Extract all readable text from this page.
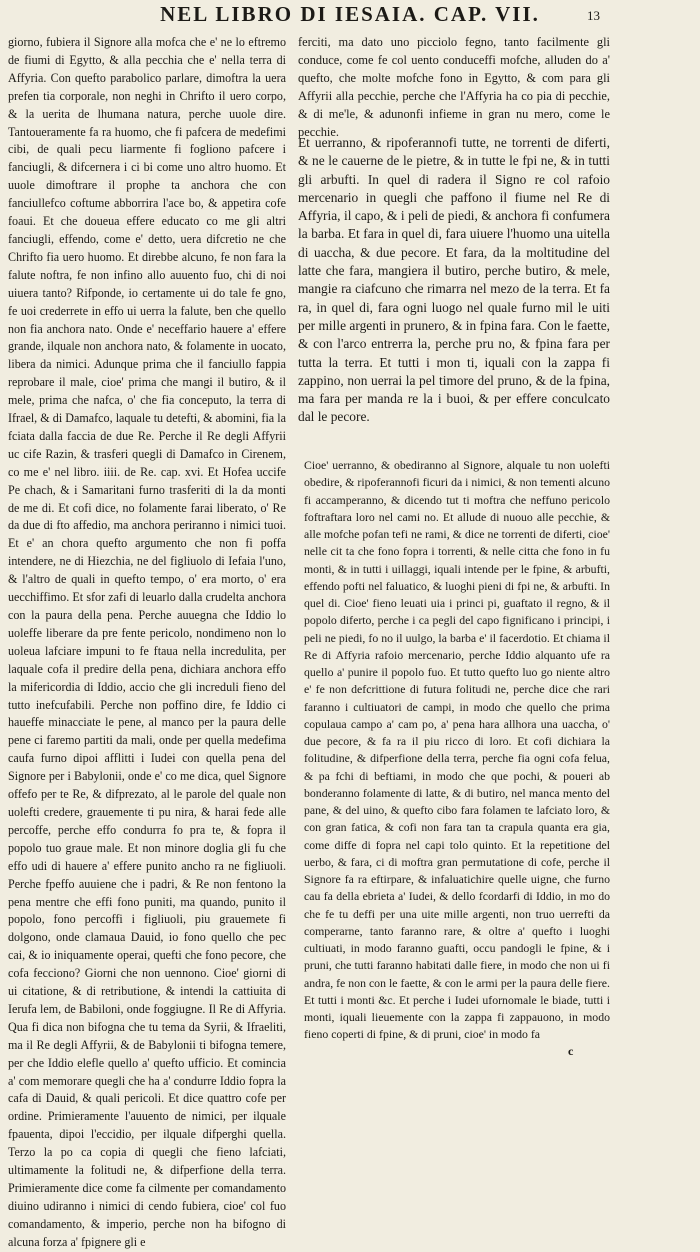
NEL LIBRO DI IESAIA. CAP. VII.	13

giorno, fubiera il Signore alla mofca che e' ne lo eftremo de fiumi di Egytto, & alla pecchia che e' nella terra di Affyria. Con quefto parabolico parlare, dimoftra la uera prefen tia corporale, non neghi in Chrifto il uero corpo, & la uerita de lhumana natura, perche uuole dire. Tantoueramente fa ra huomo, che fi pafcera de medefimi cibi, de quali pecu liarmente fi fogliono pafcere i fanciugli, & difcernera i ci bi come uno altro huomo. Et uuole dimoftrare il prophe ta anchora che con fanciullefco coftume abborrira l'ace bo, & appetira cofe foaui. Et che doueua effere educato co me gli altri fanciugli, effendo, come e' detto, uera difcretio ne che Chrifto fia uero huomo. Et direbbe alcuno, fe non fara la falute noftra, fe non infino allo auuento fuo, chi di noi uiuera tanto? Rifponde, io certamente ui do tale fe gno, fe uoi crederrete in effo ui uerra la falute, ben che quello non fia anchora nato. Onde e' neceffario hauere a' effere grande, ilquale non anchora nato, & folamente in uocato, libera da nimici. Adunque prima che il fanciullo fappia reprobare il male, cioe' prima che mangi il butiro, & il mele, prima che nafca, o' che fia conceputo, la terra di Ifrael, & di Damafco, laquale tu detefti, & abomini, fia la fciata dalla faccia de due Re. Perche il Re degli Affyrii uc cife Razin, & trasferi quegli di Damafco in Cirenem, co me e' nel libro. iiii. de Re. cap. xvi. Et Hofea uccife Pe chach, & i Samaritani furno trasferiti di la da monti de me di. Et cofi dice, no folamente farai liberato, o' Re da due di fto affedio, ma anchora periranno i nimici tuoi. Et e' an chora quefto argumento che non fi poffa intendere, ne di Hiezchia, ne del figliuolo di Iefaia l'uno, & l'altro de quali in quefto tempo, o' era morto, o' era uecchiffimo. Et sfor zafi di leuarlo dalla crudelta anchora con la paura della pena. Perche auuegna che Iddio lo uoleffe liberare da pre fente pericolo, nondimeno non lo uoleua lafciare impuni to fe ftaua nella incredulita, per laquale cofa il predire della pena, dichiara anchora effo la mifericordia di Iddio, accio che gli increduli fieno del tutto inefcufabili. Perche non poffino dire, fe Iddio ci haueffe minacciate le pene, al manco per la paura delle pene ci faremo partiti da mali, onde per quella medefima caufa furno dipoi afflitti i Iudei con quella pena del Signore per i Babylonii, onde e' co me dica, quel Signore offefo per te Re, & difprezato, al le parole del quale non uolefti credere, grauemente ti pu nira, & harai fede alle percoffe, perche effo condurra fo pra te, & fopra il popolo tuo graue male. Et non minore doglia gli fu che effo udi di hauere a' effere punito ancho ra ne figliuoli. Perche fpeffo auuiene che i padri, & Re non fentono la pena mentre che effi fono puniti, ma quando, punito il popolo, fono percoffi i figliuoli, piu grauemete fi dolgono, onde clamaua Dauid, io fono quello che pec cai, & io iniquamente operai, quefti che fono pecore, che cofa fecciono? Giorni che non uennono. Cioe' giorni di ui citatione, & di retributione, & intendi la cattiuita di Ierufa lem, de Babiloni, onde foggiugne. Il Re di Affyria. Qua fi dica non bifogna che tu tema da Syrii, & Ifraeliti, ma il Re degli Affyrii, & de Babylonii ti bifogna temere, per che Iddio elefle quello a' quefto ufficio. Et comincia a' com memorare quegli che ha a' condurre Iddio fopra la cafa di Dauid, & quali pericoli. Et dice quattro cofe per ordine. Primieramente l'auuento de nimici, per ilquale fpauenta, dipoi l'eccidio, per ilquale difperghi quella. Terzo la po ca copia di quegli che fieno lafciati, ultimamente la folitudi ne, & difperfione della terra. Primieramente dice come fa cilmente per comandamento diuino udiranno i nimici di cendo fubiera, cioe' col fuo comandamento, & imperio, perche non ha bifogno di alcuna forza a' fpignere gli e

ferciti, ma dato uno picciolo fegno, tanto facilmente gli conduce, come fe col uento conduceffi mofche, alluden do a' quefto, che molte mofche fono in Egytto, & com para gli Affyrii alla pecchie, perche che l'Affyria ha co pia di pecchie, & di me'le, & adunonfi infieme in gran nu mero, come le pecchie.

Et uerranno, & ripoferannofi tutte, ne torrenti de diferti, & ne le cauerne de le pietre, & in tutte le fpi ne, & in tutti gli arbufti. In quel di radera il Signo re col rafoio mercenario in quegli che paffono il fiume nel Re di Affyria, il capo, & i peli de piedi, & anchora fi confumera la barba. Et fara in quel di, fara uiuere l'huomo una uitella di uaccha, & due pecore. Et fara, da la moltitudine del latte che fara, mangiera il butiro, perche butiro, & mele, mangie ra ciafcuno che rimarra nel mezo de la terra. Et fa ra, in quel di, fara ogni luogo nel quale furno mil le uiti per mille argenti in prunero, & in fpina fara. Con le faette, & con l'arco entrerra la, perche pru no, & fpina fara per tutta la terra. Et tutti i mon ti, iquali con la zappa fi zappino, non uerrai la pel timore del pruno, & de la fpina, ma fara per manda re la i buoi, & per effere conculcato dal le pecore.

Cioe' uerranno, & obediranno al Signore, alquale tu non uolefti obedire, & ripoferannofi ficuri da i nimici, & non tementi alcuno fi accamperanno, & dicendo tut ti moftra che neffuno pericolo foftraftara loro nel cami no. Et allude di nuouo alle pecchie, & alle mofche pofan tefi ne rami, & dice ne torrenti de diferti, cioe' nelle cit ta che fono fopra i torrenti, & nelle citta che fono in fu monti, & in tutti i uillaggi, iquali intende per le fpine, & arbufti, effendo pofti nel faluatico, & luoghi pieni di fpi ne, & arbufti. In quel di. Cioe' fieno leuati uia i princi pi, guaftato il regno, & il popolo diferto, perche i ca pegli del capo fignificano i principi, i peli ne piedi, fo no il uulgo, la barba e' il facerdotio. Et chiama il Re di Affyria rafoio mercenario, perche Iddio alquanto ufe ra quello a' punire il popolo fuo. Et tutto quefto luo go niente altro e' fe non defcrittione di futura folitudi ne, perche dice che rari faranno i cultiuatori de campi, in modo che quello che prima copulaua campo a' cam po, a' pena hara allhora una uaccha, o' due pecore, & fa ra il piu ricco di loro. Et cofi dichiara la folitudine, & difperfione della terra, perche fia ogni cofa felua, & pa fchi di beftiami, in modo che que pochi, & poueri ab bonderanno folamente di latte, & di butiro, nel manca mento del pane, & del uino, & quefto cibo fara folamen te lafciato loro, & con gran fatica, & cofi non fara tan ta crapula quanta era gia, come diffe di fopra nel capi tolo quinto. Et la repetitione del uerbo, & fara, ci di moftra gran permutatione di cofe, perche il Signore fa ra eftirpare, & infaluatichire quelle uigne, che furno cau fa della ebrieta a' Iudei, & dello fcordarfi di Iddio, in mo do che fe tu deffi per una uite mille argenti, non truo uerrefti da comperarne, tanto faranno rare, & oltre a' quefto i luoghi cultiuati, in modo faranno guafti, occu pandogli le fpine, & i pruni, che tutti faranno habitati dalle fiere, in modo che non ui fi andra, fe non con le faette, & con le armi per la paura delle fiere. Et tutti i monti &c. Et perche i Iudei ufornomale le biade, tutti i monti, iquali lieuemente con la zappa fi zappauono, in modo fieno coperti di fpine, & di pruni, cioe' in modo fa

c
